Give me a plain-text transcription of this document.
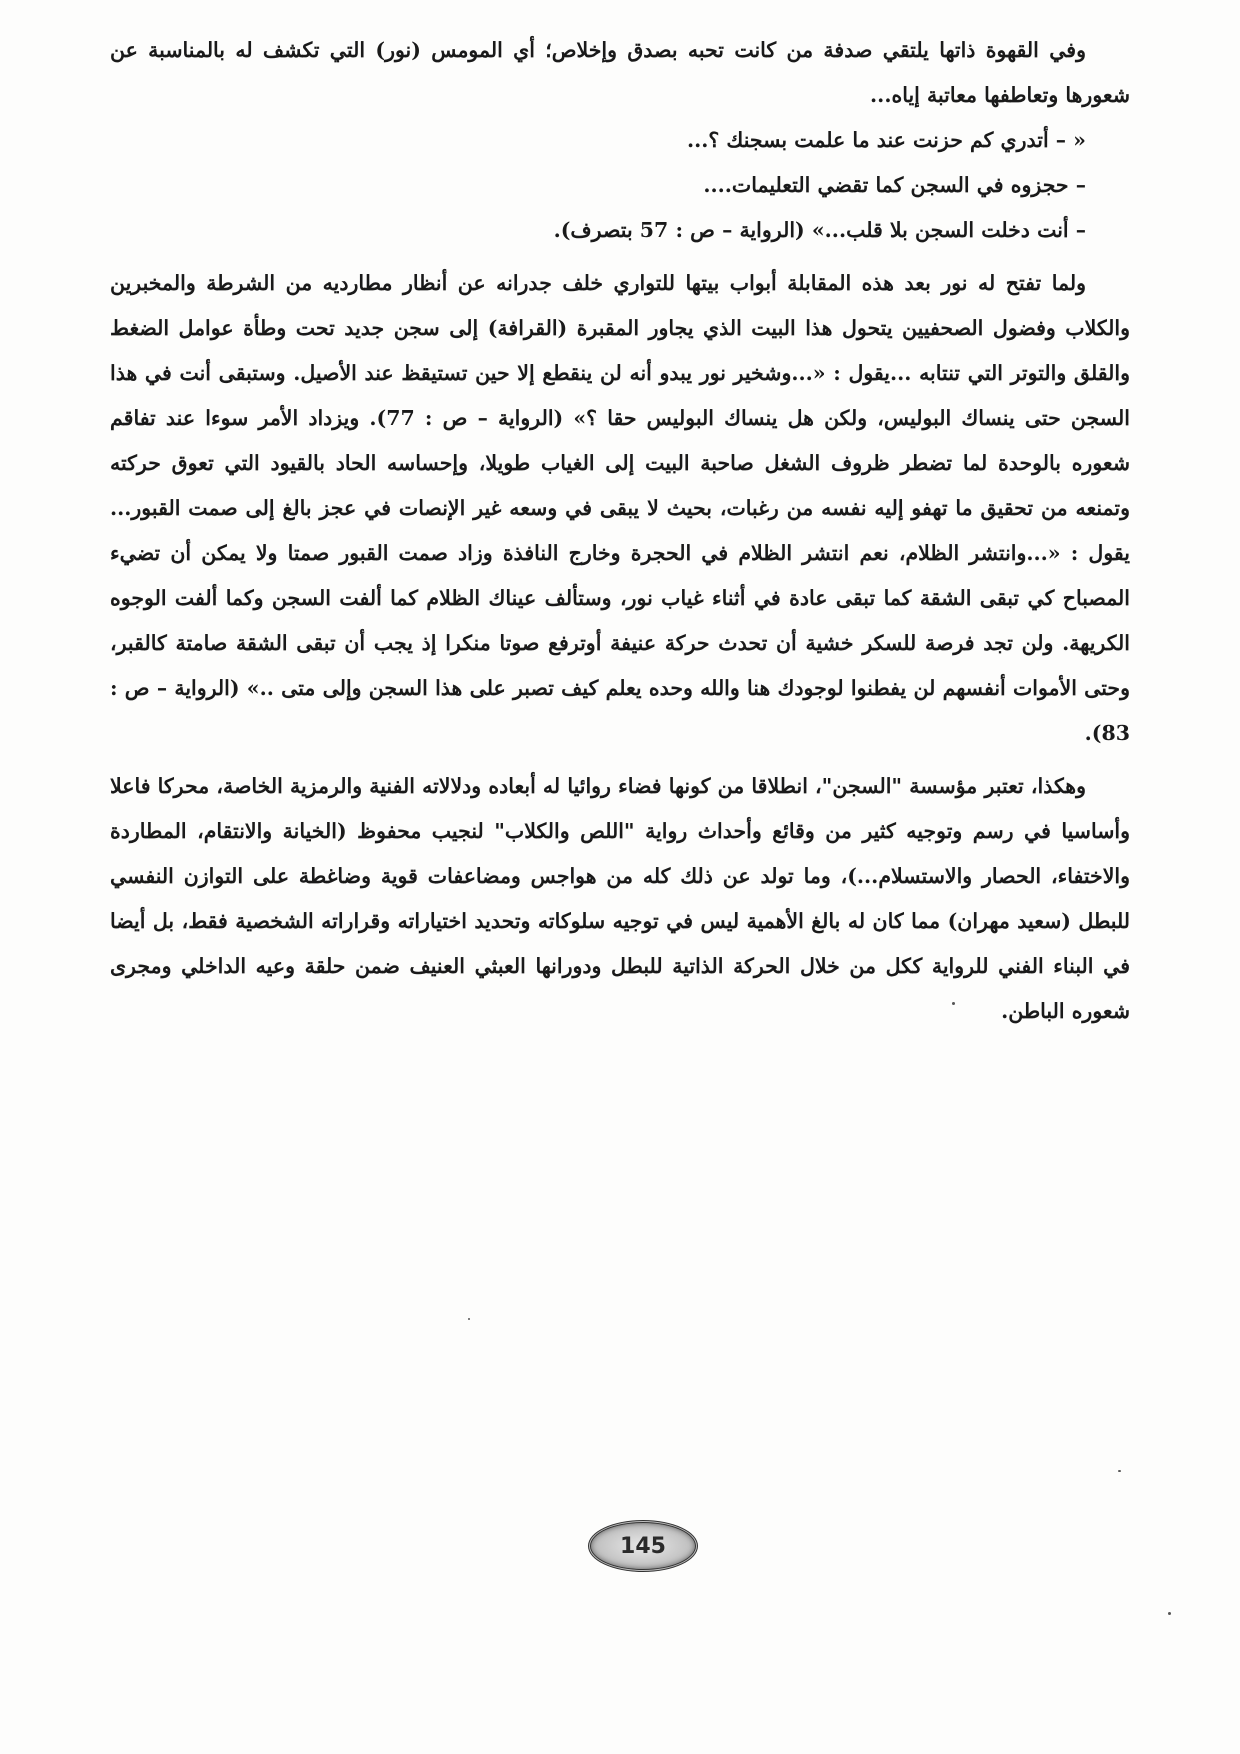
وفي القهوة ذاتها يلتقي صدفة من كانت تحبه بصدق وإخلاص؛ أي المومس (نور) التي تكشف له بالمناسبة عن شعورها وتعاطفها معاتبة إياه...

« – أتدري كم حزنت عند ما علمت بسجنك ؟...

– حجزوه في السجن كما تقضي التعليمات....

– أنت دخلت السجن بلا قلب...» (الرواية – ص : 57 بتصرف).

ولما تفتح له نور بعد هذه المقابلة أبواب بيتها للتواري خلف جدرانه عن أنظار مطارديه من الشرطة والمخبرين والكلاب وفضول الصحفيين يتحول هذا البيت الذي يجاور المقبرة (القرافة) إلى سجن جديد تحت وطأة عوامل الضغط والقلق والتوتر التي تنتابه ...يقول : «...وشخير نور يبدو أنه لن ينقطع إلا حين تستيقظ عند الأصيل. وستبقى أنت في هذا السجن حتى ينساك البوليس، ولكن هل ينساك البوليس حقا ؟» (الرواية – ص : 77). ويزداد الأمر سوءا عند تفاقم شعوره بالوحدة لما تضطر ظروف الشغل صاحبة البيت إلى الغياب طويلا، وإحساسه الحاد بالقيود التي تعوق حركته وتمنعه من تحقيق ما تهفو إليه نفسه من رغبات، بحيث لا يبقى في وسعه غير الإنصات في عجز بالغ إلى صمت القبور... يقول : «...وانتشر الظلام، نعم انتشر الظلام في الحجرة وخارج النافذة وزاد صمت القبور صمتا ولا يمكن أن تضيء المصباح كي تبقى الشقة كما تبقى عادة في أثناء غياب نور، وستألف عيناك الظلام كما ألفت السجن وكما ألفت الوجوه الكريهة. ولن تجد فرصة للسكر خشية أن تحدث حركة عنيفة أوترفع صوتا منكرا إذ يجب أن تبقى الشقة صامتة كالقبر، وحتى الأموات أنفسهم لن يفطنوا لوجودك هنا والله وحده يعلم كيف تصبر على هذا السجن وإلى متى ..» (الرواية – ص : 83).

وهكذا، تعتبر مؤسسة "السجن"، انطلاقا من كونها فضاء روائيا له أبعاده ودلالاته الفنية والرمزية الخاصة، محركا فاعلا وأساسيا في رسم وتوجيه كثير من وقائع وأحداث رواية "اللص والكلاب" لنجيب محفوظ (الخيانة والانتقام، المطاردة والاختفاء، الحصار والاستسلام...)، وما تولد عن ذلك كله من هواجس ومضاعفات قوية وضاغطة على التوازن النفسي للبطل (سعيد مهران) مما كان له بالغ الأهمية ليس في توجيه سلوكاته وتحديد اختياراته وقراراته الشخصية فقط، بل أيضا في البناء الفني للرواية ككل من خلال الحركة الذاتية للبطل ودورانها العبثي العنيف ضمن حلقة وعيه الداخلي ومجرى شعوره الباطن.

145
